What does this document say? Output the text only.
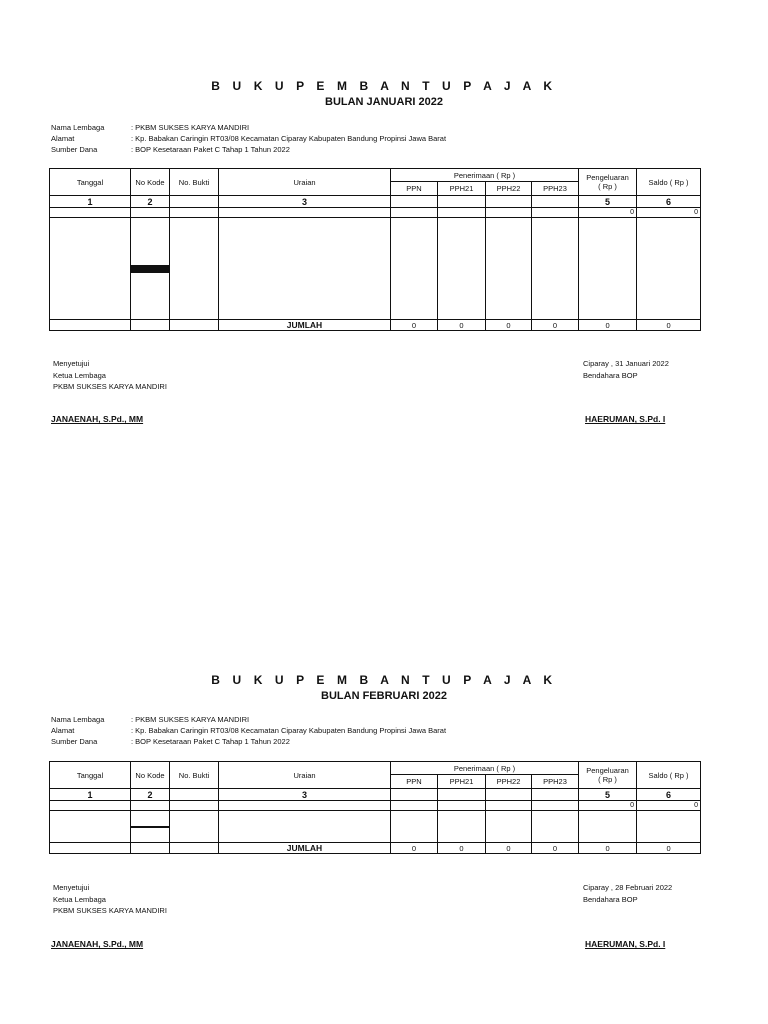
B U K U P E M B A N T U P A J A K
BULAN JANUARI 2022
Nama Lembaga	: PKBM SUKSES KARYA MANDIRI
Alamat	: Kp. Babakan Caringin RT03/08 Kecamatan Ciparay Kabupaten Bandung Propinsi Jawa Barat
Sumber Dana	: BOP Kesetaraan Paket C Tahap 1 Tahun 2022
Tanggal	No Kode	No. Bukti	Uraian	Penerimaan ( Rp )				Pengeluaran
( Rp )	Saldo ( Rp )
				PPN	PPH21	PPH22	PPH23		
1	2		3					5	6
								0	0

			JUMLAH	0	0	0	0	0	0
Menyetujui
Ketua Lembaga
PKBM SUKSES KARYA MANDIRI
Ciparay , 31 Januari 2022
Bendahara BOP
JANAENAH, S.Pd., MM	HAERUMAN, S.Pd. I
B U K U P E M B A N T U P A J A K
BULAN FEBRUARI 2022
Nama Lembaga	: PKBM SUKSES KARYA MANDIRI
Alamat	: Kp. Babakan Caringin RT03/08 Kecamatan Ciparay Kabupaten Bandung Propinsi Jawa Barat
Sumber Dana	: BOP Kesetaraan Paket C Tahap 1 Tahun 2022
Tanggal	No Kode	No. Bukti	Uraian	Penerimaan ( Rp )				Pengeluaran
( Rp )	Saldo ( Rp )
				PPN	PPH21	PPH22	PPH23		
1	2		3					5	6
								0	0

			JUMLAH	0	0	0	0	0	0
Menyetujui
Ketua Lembaga
PKBM SUKSES KARYA MANDIRI
Ciparay , 28 Februari 2022
Bendahara BOP
JANAENAH, S.Pd., MM	HAERUMAN, S.Pd. I
